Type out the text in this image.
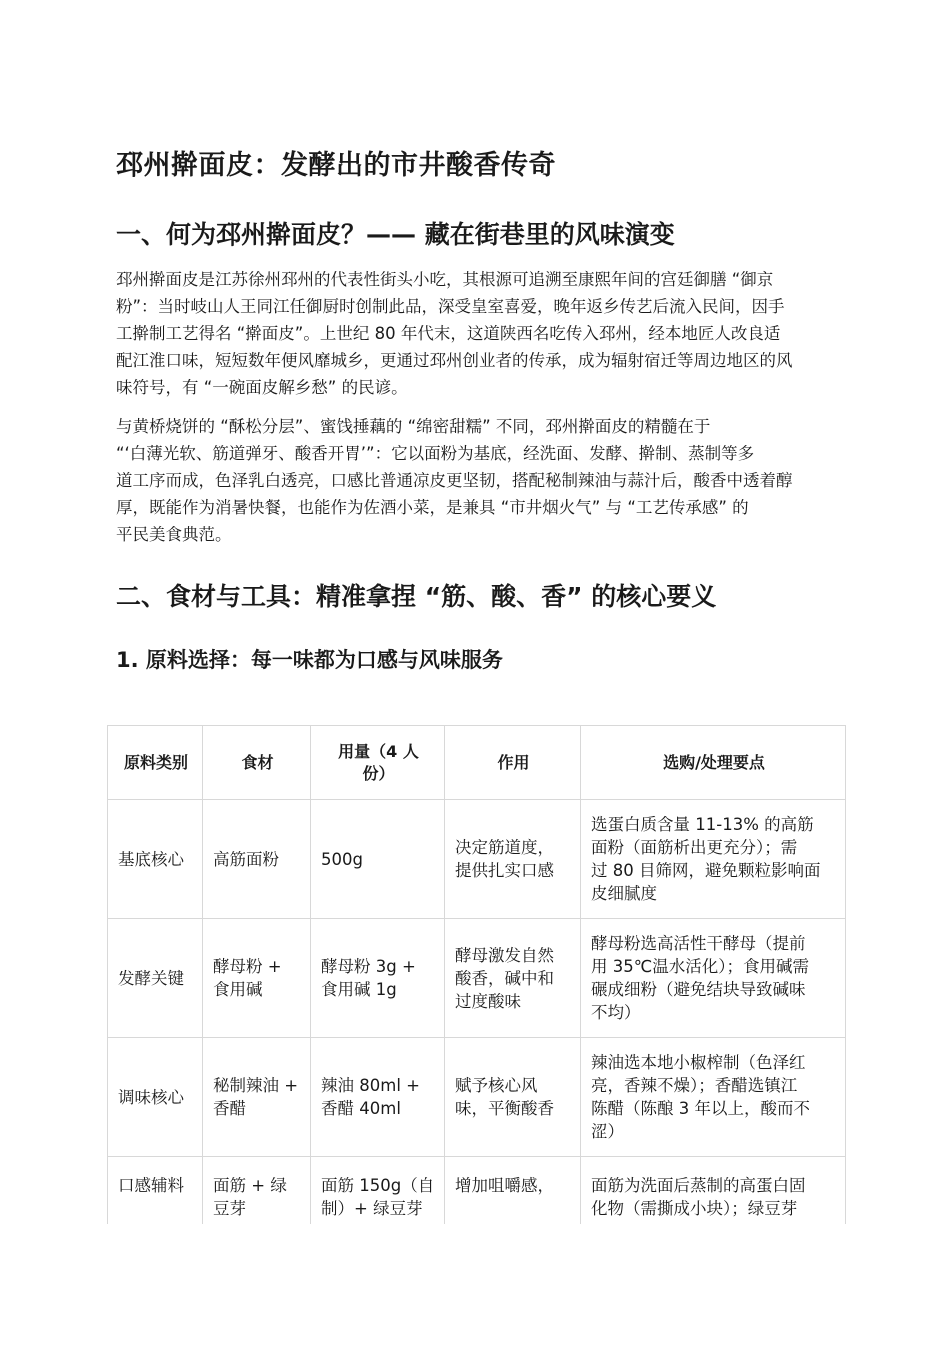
邳州擀面皮：发酵出的市井酸香传奇
一、何为邳州擀面皮？—— 藏在街巷里的风味演变
邳州擀面皮是江苏徐州邳州的代表性街头小吃，其根源可追溯至康熙年间的宫廷御膳 “御京
粉”：当时岐山人王同江任御厨时创制此品，深受皇室喜爱，晚年返乡传艺后流入民间，因手
工擀制工艺得名 “擀面皮”。上世纪 80 年代末，这道陕西名吃传入邳州，经本地匠人改良适
配江淮口味，短短数年便风靡城乡，更通过邳州创业者的传承，成为辐射宿迁等周边地区的风
味符号，有 “一碗面皮解乡愁” 的民谚。
与黄桥烧饼的 “酥松分层”、蜜饯捶藕的 “绵密甜糯” 不同，邳州擀面皮的精髓在于
“‘白薄光软、筋道弹牙、酸香开胃’”：它以面粉为基底，经洗面、发酵、擀制、蒸制等多
道工序而成，色泽乳白透亮，口感比普通凉皮更坚韧，搭配秘制辣油与蒜汁后，酸香中透着醇
厚，既能作为消暑快餐，也能作为佐酒小菜，是兼具 “市井烟火气” 与 “工艺传承感” 的
平民美食典范。
二、食材与工具：精准拿捏 “筋、酸、香” 的核心要义
1. 原料选择：每一味都为口感与风味服务
原料类别	食材	用量（4 人
份）	作用	选购/处理要点
基底核心	高筋面粉	500g	决定筋道度，
提供扎实口感	选蛋白质含量 11-13% 的高筋
面粉（面筋析出更充分）；需
过 80 目筛网，避免颗粒影响面
皮细腻度

发酵关键	酵母粉 +
食用碱	酵母粉 3g +
食用碱 1g	酵母激发自然
酸香，碱中和
过度酸味	酵母粉选高活性干酵母（提前
用 35℃温水活化）；食用碱需
碾成细粉（避免结块导致碱味
不均）

调味核心	秘制辣油 +
香醋	辣油 80ml +
香醋 40ml	赋予核心风
味，平衡酸香	辣油选本地小椒榨制（色泽红
亮，香辣不燥）；香醋选镇江
陈醋（陈酿 3 年以上，酸而不
涩）

口感辅料	面筋 + 绿
豆芽	面筋 150g（自
制）+ 绿豆芽	增加咀嚼感，	面筋为洗面后蒸制的高蛋白固
化物（需撕成小块）；绿豆芽
